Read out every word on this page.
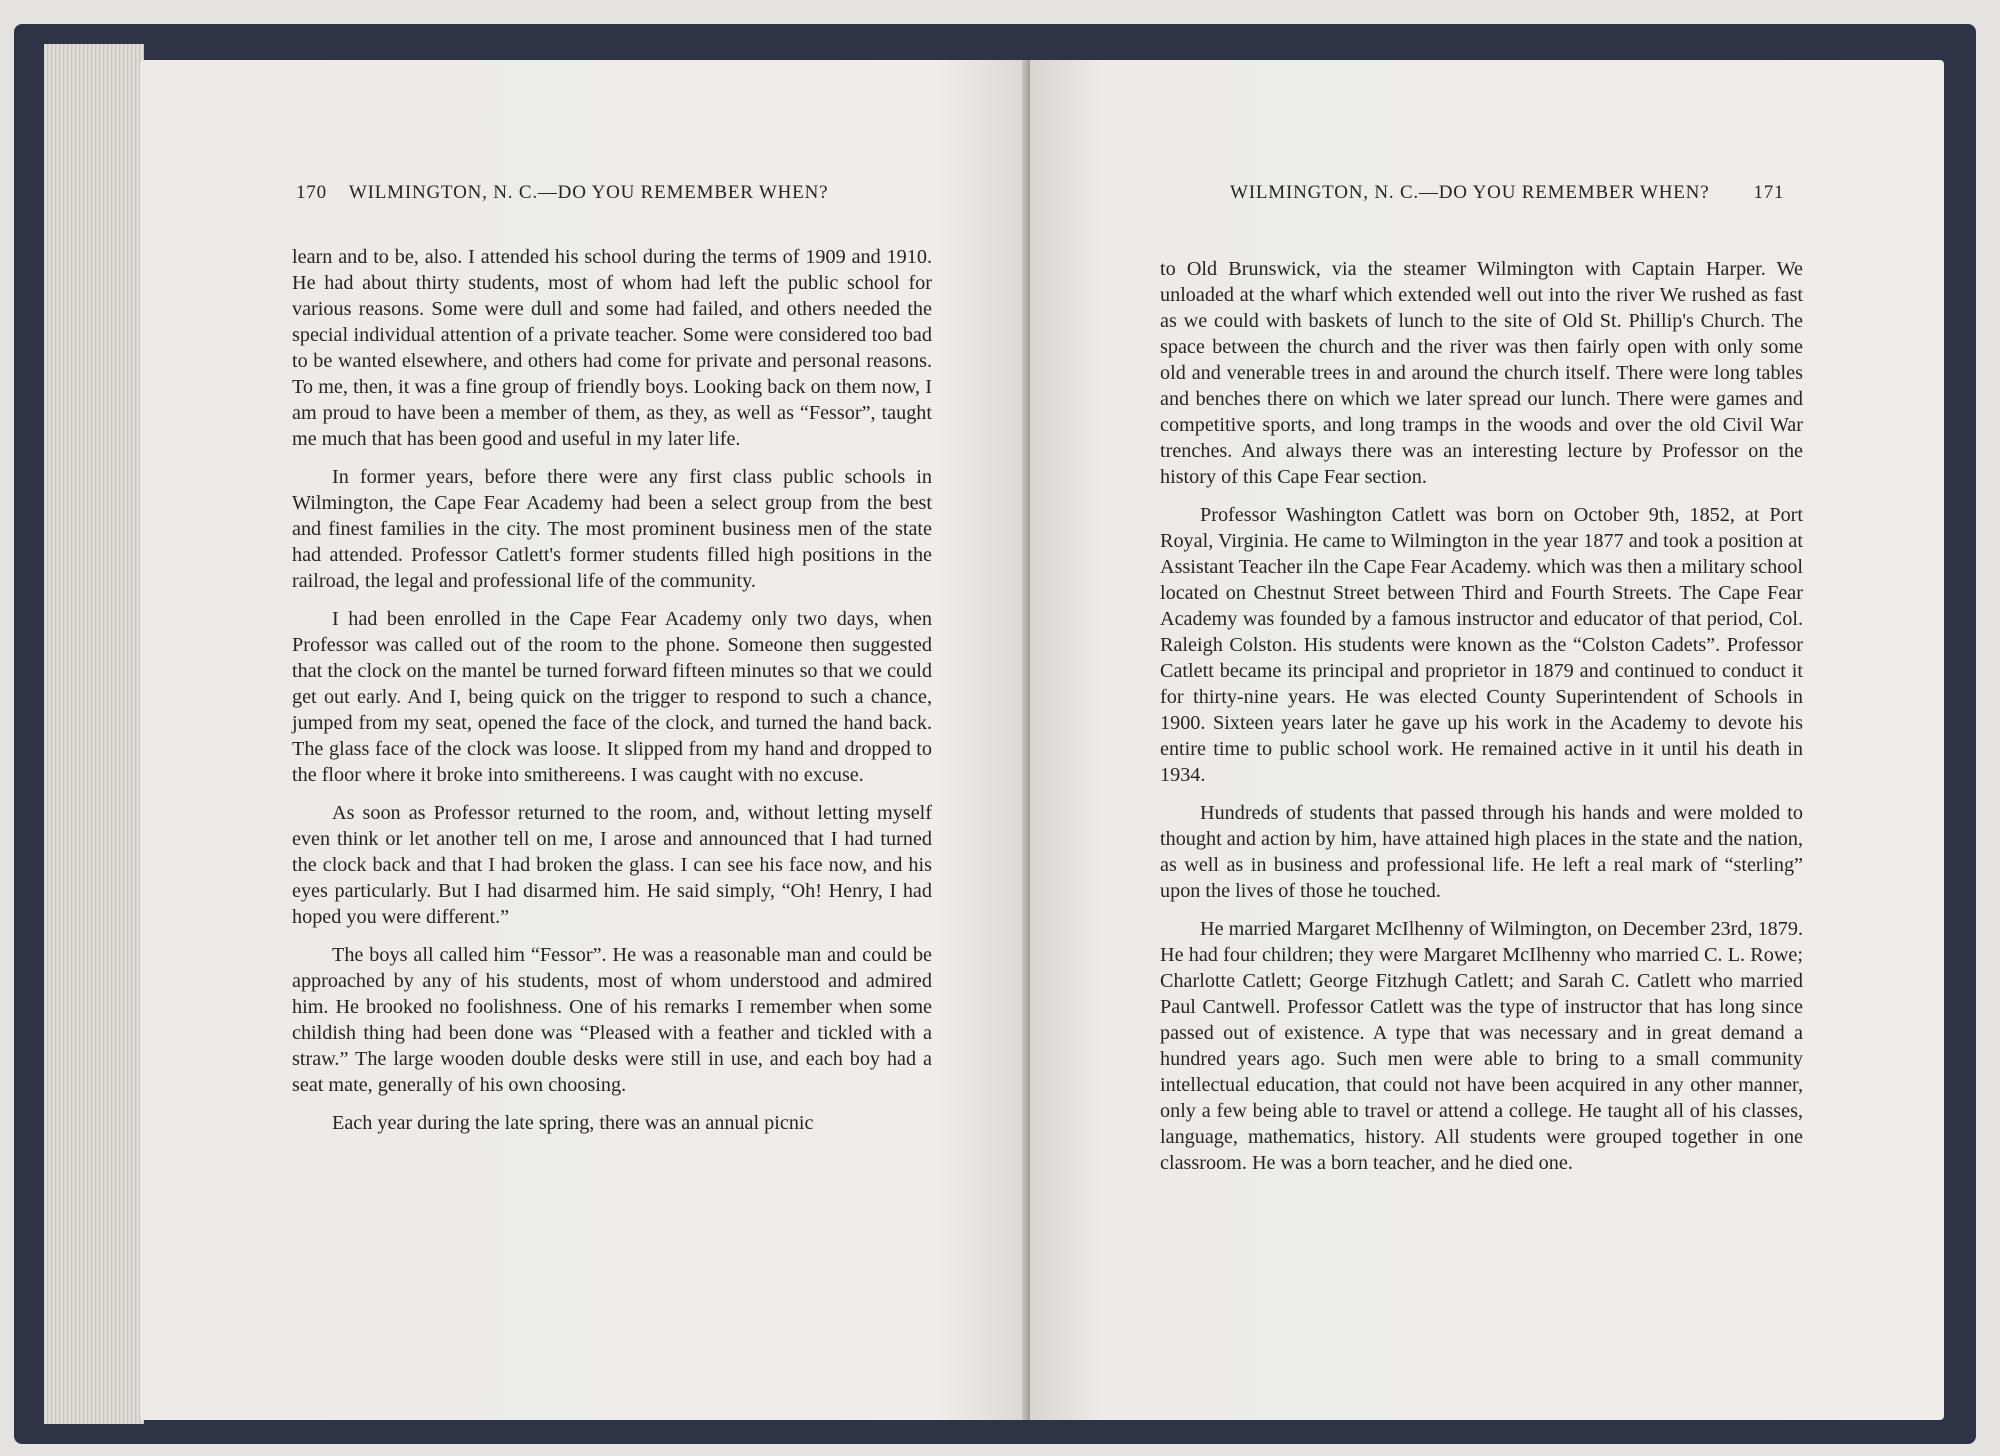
170 WILMINGTON, N. C.—DO YOU REMEMBER WHEN?

learn and to be, also. I attended his school during the terms of 1909 and 1910. He had about thirty students, most of whom had left the public school for various reasons. Some were dull and some had failed, and others needed the special individual attention of a private teacher. Some were considered too bad to be wanted elsewhere, and others had come for private and personal reasons. To me, then, it was a fine group of friendly boys. Looking back on them now, I am proud to have been a member of them, as they, as well as “Fessor”, taught me much that has been good and useful in my later life.

In former years, before there were any first class public schools in Wilmington, the Cape Fear Academy had been a select group from the best and finest families in the city. The most prominent business men of the state had attended. Professor Catlett's former students filled high positions in the railroad, the legal and professional life of the community.

I had been enrolled in the Cape Fear Academy only two days, when Professor was called out of the room to the phone. Someone then suggested that the clock on the mantel be turned forward fifteen minutes so that we could get out early. And I, being quick on the trigger to respond to such a chance, jumped from my seat, opened the face of the clock, and turned the hand back. The glass face of the clock was loose. It slipped from my hand and dropped to the floor where it broke into smithereens. I was caught with no excuse.

As soon as Professor returned to the room, and, without letting myself even think or let another tell on me, I arose and announced that I had turned the clock back and that I had broken the glass. I can see his face now, and his eyes particularly. But I had disarmed him. He said simply, “Oh! Henry, I had hoped you were different.”

The boys all called him “Fessor”. He was a reasonable man and could be approached by any of his students, most of whom understood and admired him. He brooked no foolishness. One of his remarks I remember when some childish thing had been done was “Pleased with a feather and tickled with a straw.” The large wooden double desks were still in use, and each boy had a seat mate, generally of his own choosing.

Each year during the late spring, there was an annual picnic

WILMINGTON, N. C.—DO YOU REMEMBER WHEN? 171

to Old Brunswick, via the steamer Wilmington with Captain Harper. We unloaded at the wharf which extended well out into the river We rushed as fast as we could with baskets of lunch to the site of Old St. Phillip's Church. The space between the church and the river was then fairly open with only some old and venerable trees in and around the church itself. There were long tables and benches there on which we later spread our lunch. There were games and competitive sports, and long tramps in the woods and over the old Civil War trenches. And always there was an interesting lecture by Professor on the history of this Cape Fear section.

Professor Washington Catlett was born on October 9th, 1852, at Port Royal, Virginia. He came to Wilmington in the year 1877 and took a position at Assistant Teacher iln the Cape Fear Academy. which was then a military school located on Chestnut Street between Third and Fourth Streets. The Cape Fear Academy was founded by a famous instructor and educator of that period, Col. Raleigh Colston. His students were known as the “Colston Cadets”. Professor Catlett became its principal and proprietor in 1879 and continued to conduct it for thirty-nine years. He was elected County Superintendent of Schools in 1900. Sixteen years later he gave up his work in the Academy to devote his entire time to public school work. He remained active in it until his death in 1934.

Hundreds of students that passed through his hands and were molded to thought and action by him, have attained high places in the state and the nation, as well as in business and professional life. He left a real mark of “sterling” upon the lives of those he touched.

He married Margaret McIlhenny of Wilmington, on December 23rd, 1879. He had four children; they were Margaret McIlhenny who married C. L. Rowe; Charlotte Catlett; George Fitzhugh Catlett; and Sarah C. Catlett who married Paul Cantwell. Professor Catlett was the type of instructor that has long since passed out of existence. A type that was necessary and in great demand a hundred years ago. Such men were able to bring to a small community intellectual education, that could not have been acquired in any other manner, only a few being able to travel or attend a college. He taught all of his classes, language, mathematics, history. All students were grouped together in one classroom. He was a born teacher, and he died one.
